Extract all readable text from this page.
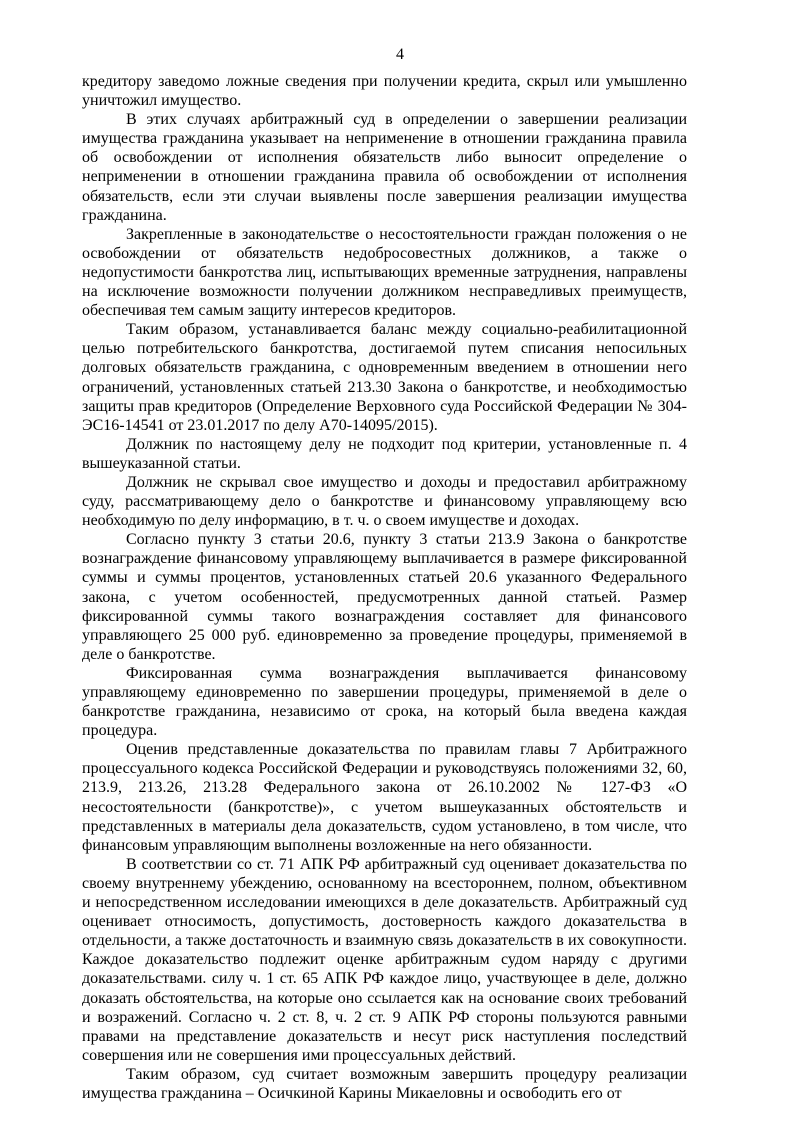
4

кредитору заведомо ложные сведения при получении кредита, скрыл или умышленно уничтожил имущество.

В этих случаях арбитражный суд в определении о завершении реализации имущества гражданина указывает на неприменение в отношении гражданина правила об освобождении от исполнения обязательств либо выносит определение о неприменении в отношении гражданина правила об освобождении от исполнения обязательств, если эти случаи выявлены после завершения реализации имущества гражданина.

Закрепленные в законодательстве о несостоятельности граждан положения о не освобождении от обязательств недобросовестных должников, а также о недопустимости банкротства лиц, испытывающих временные затруднения, направлены на исключение возможности получении должником несправедливых преимуществ, обеспечивая тем самым защиту интересов кредиторов.

Таким образом, устанавливается баланс между социально-реабилитационной целью потребительского банкротства, достигаемой путем списания непосильных долговых обязательств гражданина, с одновременным введением в отношении него ограничений, установленных статьей 213.30 Закона о банкротстве, и необходимостью защиты прав кредиторов (Определение Верховного суда Российской Федерации № 304-ЭС16-14541 от 23.01.2017 по делу А70-14095/2015).

Должник по настоящему делу не подходит под критерии, установленные п. 4 вышеуказанной статьи.

Должник не скрывал свое имущество и доходы и предоставил арбитражному суду, рассматривающему дело о банкротстве и финансовому управляющему всю необходимую по делу информацию, в т. ч. о своем имуществе и доходах.

Согласно пункту 3 статьи 20.6, пункту 3 статьи 213.9 Закона о банкротстве вознаграждение финансовому управляющему выплачивается в размере фиксированной суммы и суммы процентов, установленных статьей 20.6 указанного Федерального закона, с учетом особенностей, предусмотренных данной статьей. Размер фиксированной суммы такого вознаграждения составляет для финансового управляющего 25 000 руб. единовременно за проведение процедуры, применяемой в деле о банкротстве.

Фиксированная сумма вознаграждения выплачивается финансовому управляющему единовременно по завершении процедуры, применяемой в деле о банкротстве гражданина, независимо от срока, на который была введена каждая процедура.

Оценив представленные доказательства по правилам главы 7 Арбитражного процессуального кодекса Российской Федерации и руководствуясь положениями 32, 60, 213.9, 213.26, 213.28 Федерального закона от 26.10.2002 № 127-ФЗ «О несостоятельности (банкротстве)», с учетом вышеуказанных обстоятельств и представленных в материалы дела доказательств, судом установлено, в том числе, что финансовым управляющим выполнены возложенные на него обязанности.

В соответствии со ст. 71 АПК РФ арбитражный суд оценивает доказательства по своему внутреннему убеждению, основанному на всестороннем, полном, объективном и непосредственном исследовании имеющихся в деле доказательств. Арбитражный суд оценивает относимость, допустимость, достоверность каждого доказательства в отдельности, а также достаточность и взаимную связь доказательств в их совокупности. Каждое доказательство подлежит оценке арбитражным судом наряду с другими доказательствами. силу ч. 1 ст. 65 АПК РФ каждое лицо, участвующее в деле, должно доказать обстоятельства, на которые оно ссылается как на основание своих требований и возражений. Согласно ч. 2 ст. 8, ч. 2 ст. 9 АПК РФ стороны пользуются равными правами на представление доказательств и несут риск наступления последствий совершения или не совершения ими процессуальных действий.

Таким образом, суд считает возможным завершить процедуру реализации имущества гражданина – Осичкиной Карины Микаеловны и освободить его от
